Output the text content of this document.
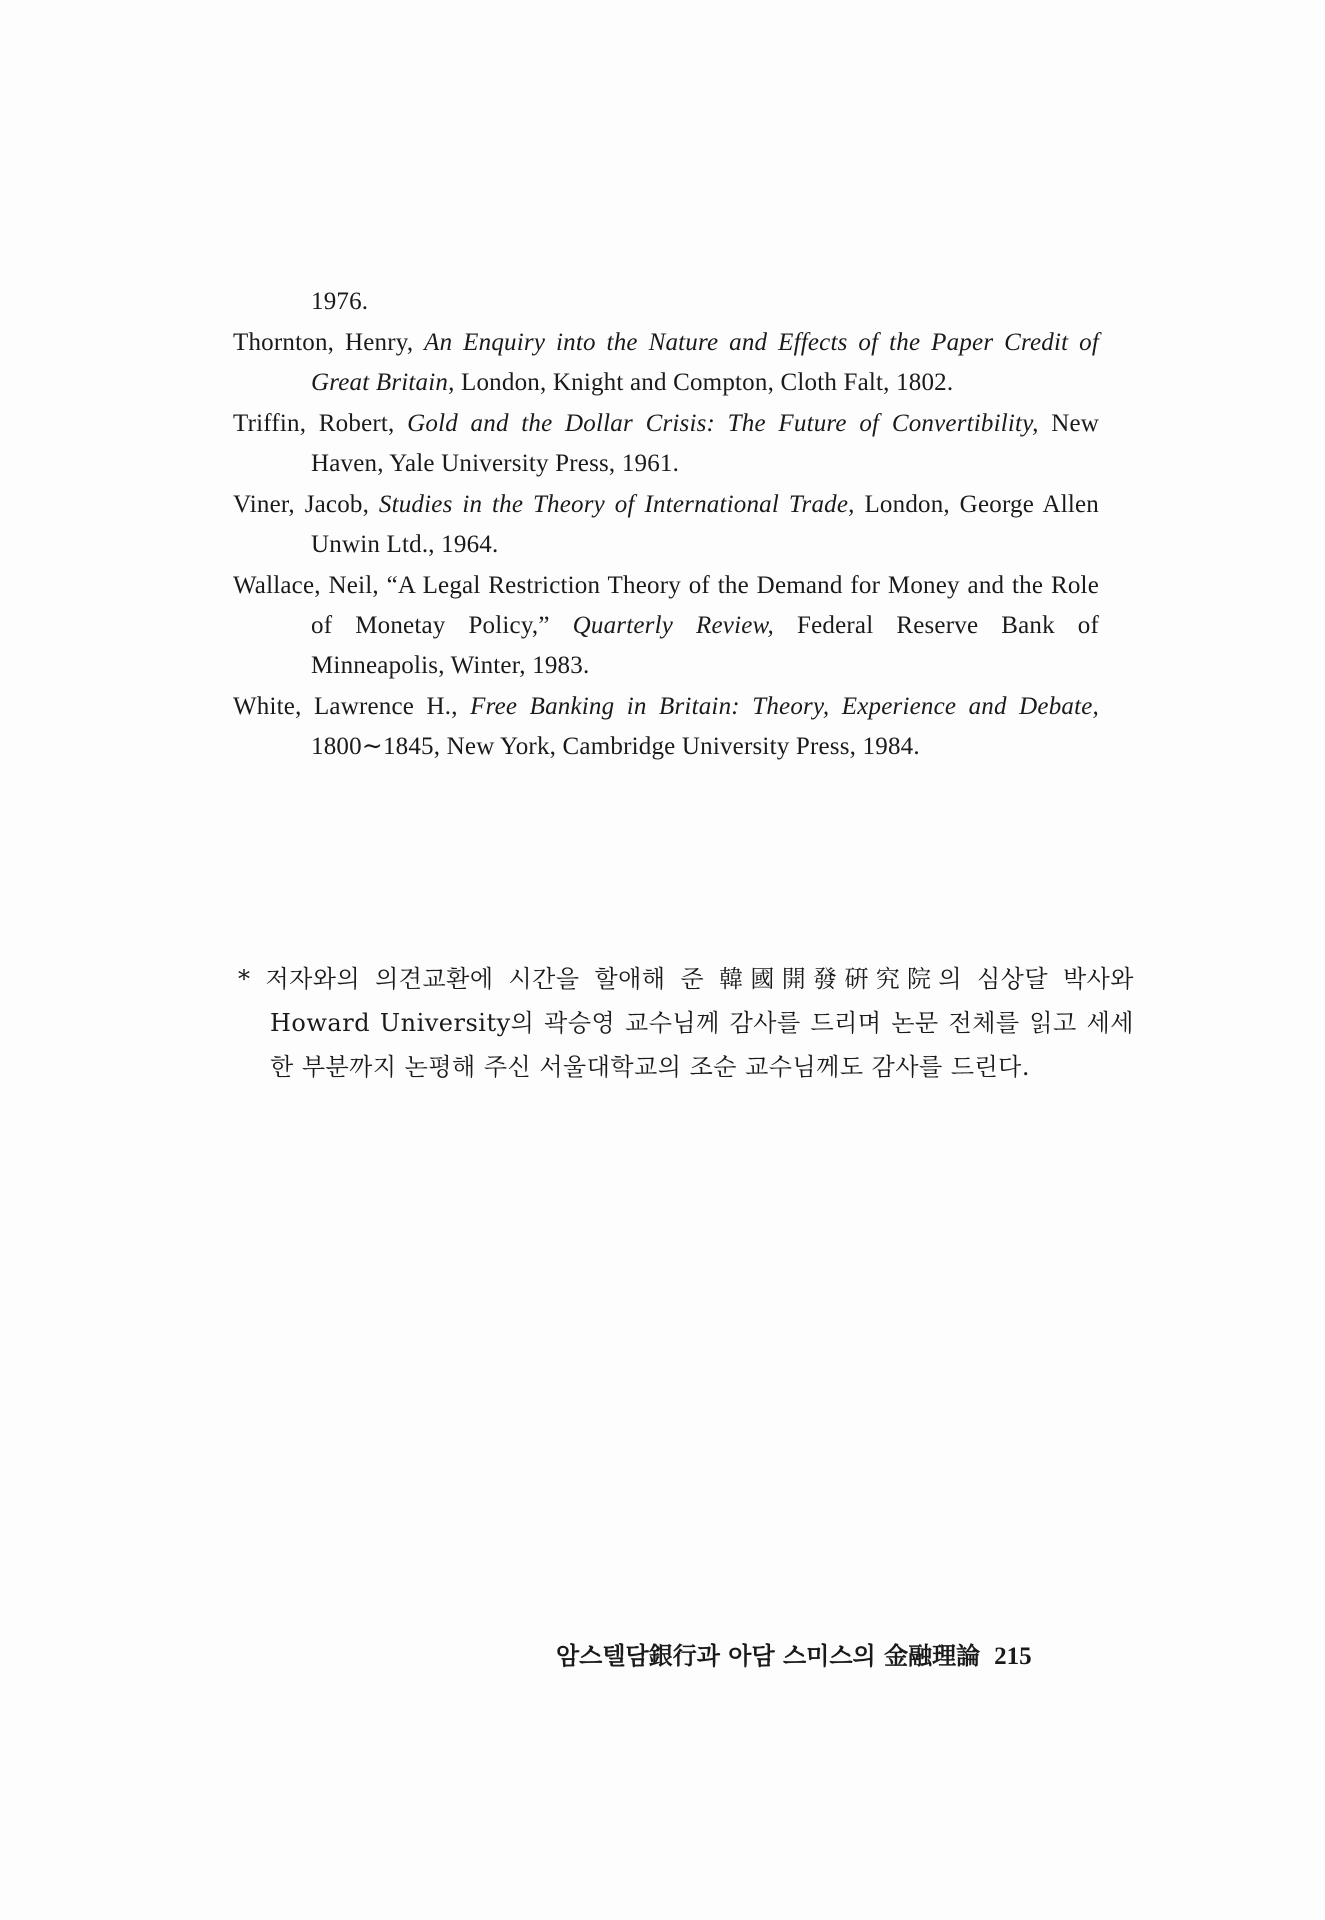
1976.

Thornton, Henry, An Enquiry into the Nature and Effects of the Paper Credit of Great Britain, London, Knight and Compton, Cloth Falt, 1802.

Triffin, Robert, Gold and the Dollar Crisis: The Future of Convertibility, New Haven, Yale University Press, 1961.

Viner, Jacob, Studies in the Theory of International Trade, London, George Allen Unwin Ltd., 1964.

Wallace, Neil, “A Legal Restriction Theory of the Demand for Money and the Role of Monetay Policy,” Quarterly Review, Federal Reserve Bank of Minneapolis, Winter, 1983.

White, Lawrence H., Free Banking in Britain: Theory, Experience and Debate, 1800∼1845, New York, Cambridge University Press, 1984.

* 저자와의 의견교환에 시간을 할애해 준 韓國開發硏究院의 심상달 박사와 Howard University의 곽승영 교수님께 감사를 드리며 논문 전체를 읽고 세세한 부분까지 논평해 주신 서울대학교의 조순 교수님께도 감사를 드린다.

암스텔담銀行과 아담 스미스의 金融理論 215
